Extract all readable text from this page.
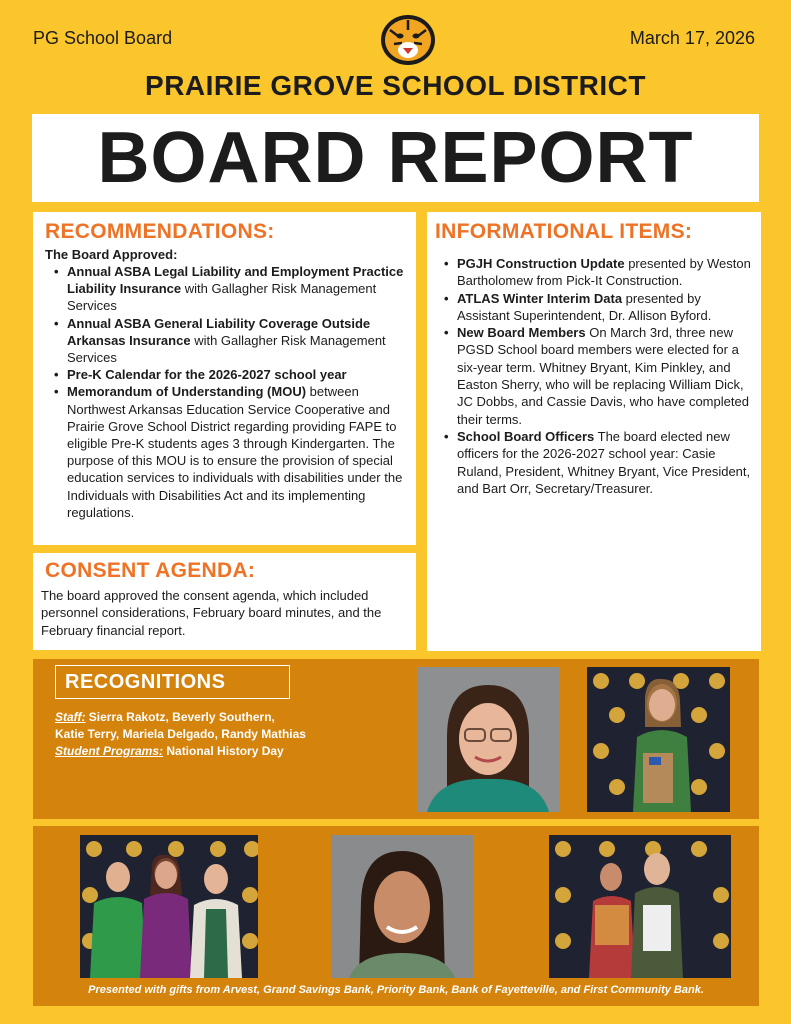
PG School Board	March 17, 2026
PRAIRIE GROVE SCHOOL DISTRICT
BOARD REPORT
RECOMMENDATIONS:
The Board Approved:
• Annual ASBA Legal Liability and Employment Practice Liability Insurance with Gallagher Risk Management Services
• Annual ASBA General Liability Coverage Outside Arkansas Insurance with Gallagher Risk Management Services
• Pre-K Calendar for the 2026-2027 school year
• Memorandum of Understanding (MOU) between Northwest Arkansas Education Service Cooperative and Prairie Grove School District regarding providing FAPE to eligible Pre-K students ages 3 through Kindergarten. The purpose of this MOU is to ensure the provision of special education services to individuals with disabilities under the Individuals with Disabilities Act and its implementing regulations.
CONSENT AGENDA:

The board approved the consent agenda, which included personnel considerations, February board minutes, and the February financial report.

INFORMATIONAL ITEMS:
• PGJH Construction Update presented by Weston Bartholomew from Pick-It Construction.
• ATLAS Winter Interim Data presented by Assistant Superintendent, Dr. Allison Byford.
• New Board Members On March 3rd, three new PGSD School board members were elected for a six-year term. Whitney Bryant, Kim Pinkley, and Easton Sherry, who will be replacing William Dick, JC Dobbs, and Cassie Davis, who have completed their terms.
• School Board Officers The board elected new officers for the 2026-2027 school year: Casie Ruland, President, Whitney Bryant, Vice President, and Bart Orr, Secretary/Treasurer.
RECOGNITIONS
Staff: Sierra Rakotz, Beverly Southern,
Katie Terry, Mariela Delgado, Randy Mathias
Student Programs: National History Day
Presented with gifts from Arvest, Grand Savings Bank, Priority Bank, Bank of Fayetteville, and First Community Bank.
